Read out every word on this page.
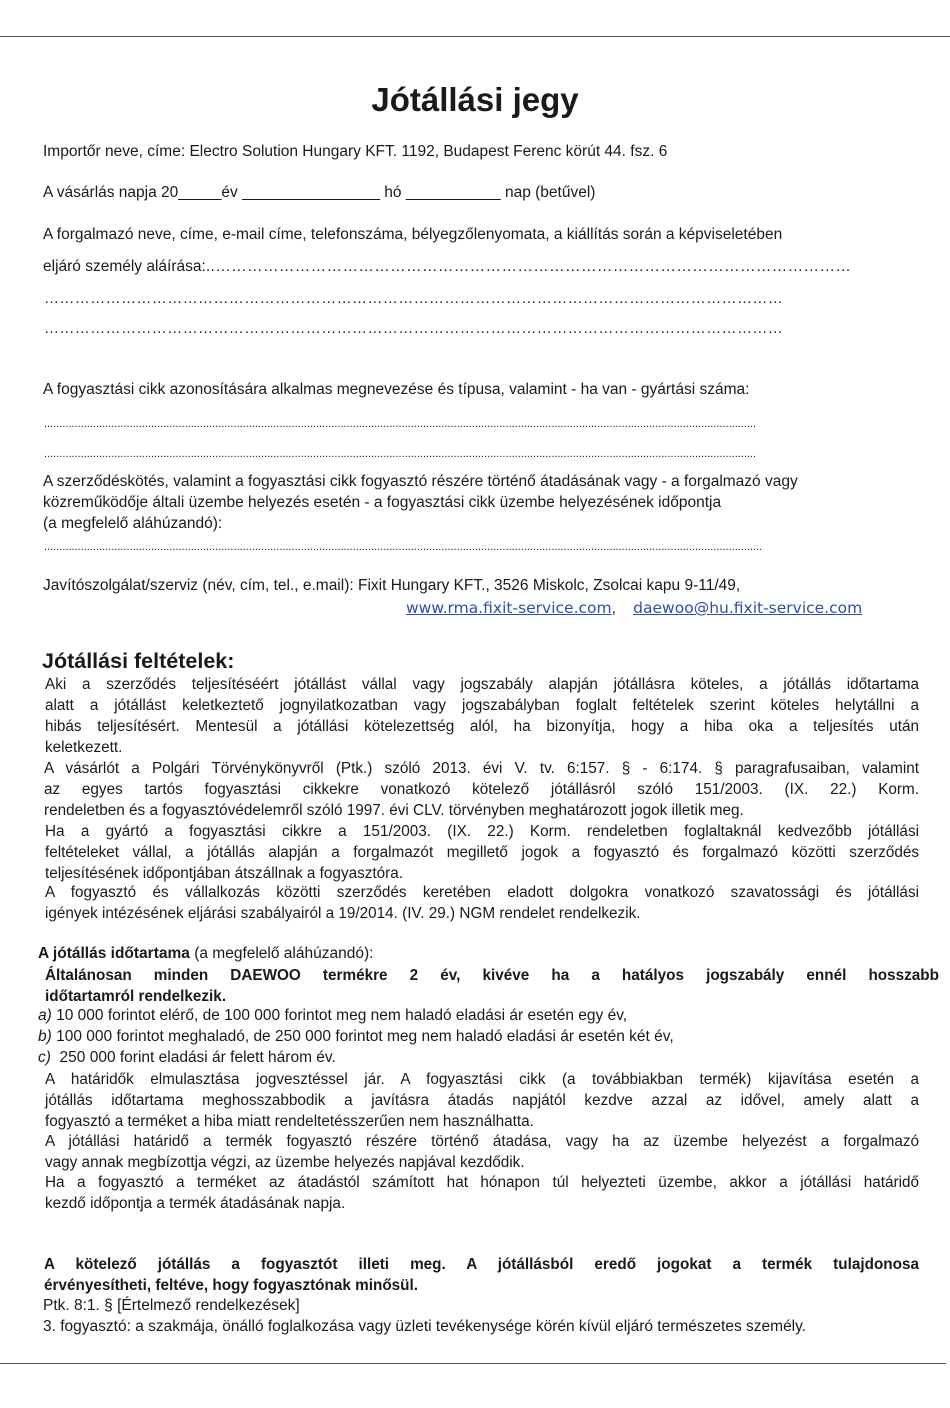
Jótállási jegy
Importőr neve, címe: Electro Solution Hungary KFT. 1192, Budapest Ferenc körút 44. fsz. 6
A vásárlás napja 20_____év ________________ hó ___________ nap (betűvel)
A forgalmazó neve, címe, e-mail címe, telefonszáma, bélyegzőlenyomata, a kiállítás során a képviseletében
eljáró személy aláírása:..…………………………………………………………………………………………………………
………………………………………………………………………………………………………………………………
………………………………………………………………………………………………………………………………
A fogyasztási cikk azonosítására alkalmas megnevezése és típusa, valamint - ha van - gyártási száma:
.........................................................................................................................................................................................................................................
.........................................................................................................................................................................................................................................
A szerződéskötés, valamint a fogyasztási cikk fogyasztó részére történő átadásának vagy - a forgalmazó vagy
közreműködője általi üzembe helyezés esetén - a fogyasztási cikk üzembe helyezésének időpontja
(a megfelelő aláhúzandó):
...........................................................................................................................................................................................................................................
Javítószolgálat/szerviz (név, cím, tel., e.mail): Fixit Hungary KFT., 3526 Miskolc, Zsolcai kapu 9-11/49,
www.rma.fixit-service.com, daewoo@hu.fixit-service.com
Jótállási feltételek:
Aki a szerződés teljesítéséért jótállást vállal vagy jogszabály alapján jótállásra köteles, a jótállás időtartama
alatt a jótállást keletkeztető jognyilatkozatban vagy jogszabályban foglalt feltételek szerint köteles helytállni a
hibás teljesítésért. Mentesül a jótállási kötelezettség alól, ha bizonyítja, hogy a hiba oka a teljesítés után
keletkezett.
A vásárlót a Polgári Törvénykönyvről (Ptk.) szóló 2013. évi V. tv. 6:157. § - 6:174. § paragrafusaiban, valamint
az egyes tartós fogyasztási cikkekre vonatkozó kötelező jótállásról szóló 151/2003. (IX. 22.) Korm.
rendeletben és a fogyasztóvédelemről szóló 1997. évi CLV. törvényben meghatározott jogok illetik meg.
Ha a gyártó a fogyasztási cikkre a 151/2003. (IX. 22.) Korm. rendeletben foglaltaknál kedvezőbb jótállási
feltételeket vállal, a jótállás alapján a forgalmazót megillető jogok a fogyasztó és forgalmazó közötti szerződés
teljesítésének időpontjában átszállnak a fogyasztóra.
A fogyasztó és vállalkozás közötti szerződés keretében eladott dolgokra vonatkozó szavatossági és jótállási
igények intézésének eljárási szabályairól a 19/2014. (IV. 29.) NGM rendelet rendelkezik.
A jótállás időtartama (a megfelelő aláhúzandó):
Általánosan minden DAEWOO termékre 2 év, kivéve ha a hatályos jogszabály ennél hosszabb
időtartamról rendelkezik.
a) 10 000 forintot elérő, de 100 000 forintot meg nem haladó eladási ár esetén egy év,
b) 100 000 forintot meghaladó, de 250 000 forintot meg nem haladó eladási ár esetén két év,
c)  250 000 forint eladási ár felett három év.
A határidők elmulasztása jogvesztéssel jár. A fogyasztási cikk (a továbbiakban termék) kijavítása esetén a
jótállás időtartama meghosszabbodik a javításra átadás napjától kezdve azzal az idővel, amely alatt a
fogyasztó a terméket a hiba miatt rendeltetésszerűen nem használhatta.
A jótállási határidő a termék fogyasztó részére történő átadása, vagy ha az üzembe helyezést a forgalmazó
vagy annak megbízottja végzi, az üzembe helyezés napjával kezdődik.
Ha a fogyasztó a terméket az átadástól számított hat hónapon túl helyezteti üzembe, akkor a jótállási határidő
kezdő időpontja a termék átadásának napja.
A kötelező jótállás a fogyasztót illeti meg. A jótállásból eredő jogokat a termék tulajdonosa
érvényesítheti, feltéve, hogy fogyasztónak minősül.
Ptk. 8:1. § [Értelmező rendelkezések]
3. fogyasztó: a szakmája, önálló foglalkozása vagy üzleti tevékenysége körén kívül eljáró természetes személy.
